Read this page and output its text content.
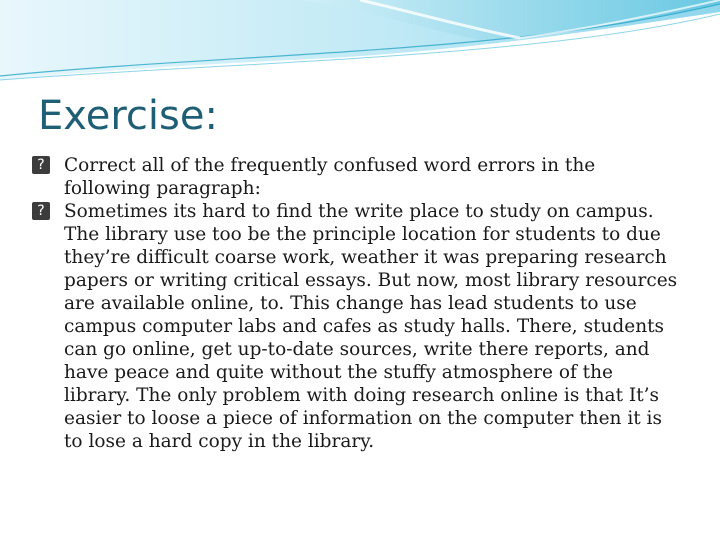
Exercise:
? Correct all of the frequently confused word errors in the following paragraph:
? Sometimes its hard to find the write place to study on campus. The library use too be the principle location for students to due they’re difficult coarse work, weather it was preparing research papers or writing critical essays. But now, most library resources are available online, to. This change has lead students to use campus computer labs and cafes as study halls. There, students can go online, get up-to-date sources, write there reports, and have peace and quite without the stuffy atmosphere of the library. The only problem with doing research online is that It’s easier to loose a piece of information on the computer then it is to lose a hard copy in the library.
